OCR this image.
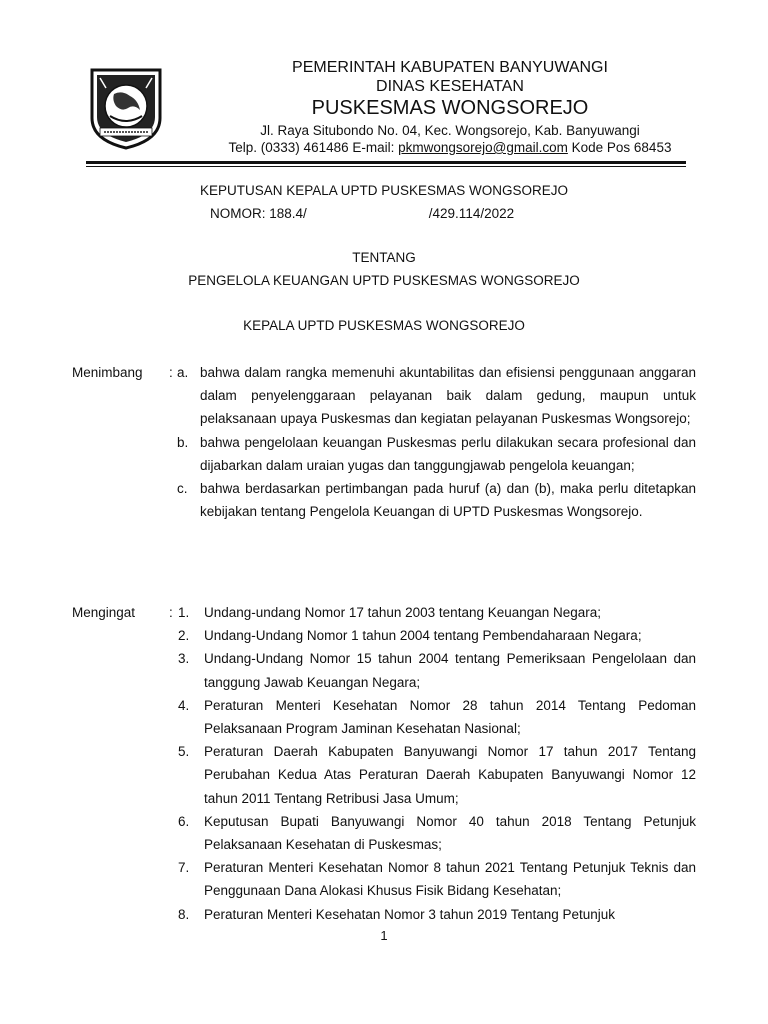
PEMERINTAH KABUPATEN BANYUWANGI
DINAS KESEHATAN
PUSKESMAS WONGSOREJO
Jl. Raya Situbondo No. 04, Kec. Wongsorejo, Kab. Banyuwangi
Telp. (0333) 461486 E-mail: pkmwongsorejo@gmail.com Kode Pos 68453
KEPUTUSAN KEPALA UPTD PUSKESMAS WONGSOREJO
NOMOR: 188.4/	/429.114/2022
TENTANG
PENGELOLA KEUANGAN UPTD PUSKESMAS WONGSOREJO
KEPALA UPTD PUSKESMAS WONGSOREJO
Menimbang : a. bahwa dalam rangka memenuhi akuntabilitas dan efisiensi penggunaan anggaran dalam penyelenggaraan pelayanan baik dalam gedung, maupun untuk pelaksanaan upaya Puskesmas dan kegiatan pelayanan Puskesmas Wongsorejo;
b. bahwa pengelolaan keuangan Puskesmas perlu dilakukan secara profesional dan dijabarkan dalam uraian yugas dan tanggungjawab pengelola keuangan;
c. bahwa berdasarkan pertimbangan pada huruf (a) dan (b), maka perlu ditetapkan kebijakan tentang Pengelola Keuangan di UPTD Puskesmas Wongsorejo.
Mengingat	: 1. Undang-undang Nomor 17 tahun 2003 tentang Keuangan Negara;
2. Undang-Undang Nomor 1 tahun 2004 tentang Pembendaharaan Negara;
3. Undang-Undang Nomor 15 tahun 2004 tentang Pemeriksaan Pengelolaan dan tanggung Jawab Keuangan Negara;
4. Peraturan Menteri Kesehatan Nomor 28 tahun 2014 Tentang Pedoman Pelaksanaan Program Jaminan Kesehatan Nasional;
5. Peraturan Daerah Kabupaten Banyuwangi Nomor 17 tahun 2017 Tentang Perubahan Kedua Atas Peraturan Daerah Kabupaten Banyuwangi Nomor 12 tahun 2011 Tentang Retribusi Jasa Umum;
6. Keputusan Bupati Banyuwangi Nomor 40 tahun 2018 Tentang Petunjuk Pelaksanaan Kesehatan di Puskesmas;
7. Peraturan Menteri Kesehatan Nomor 8 tahun 2021 Tentang Petunjuk Teknis dan Penggunaan Dana Alokasi Khusus Fisik Bidang Kesehatan;
8. Peraturan Menteri Kesehatan Nomor 3 tahun 2019 Tentang Petunjuk
1
